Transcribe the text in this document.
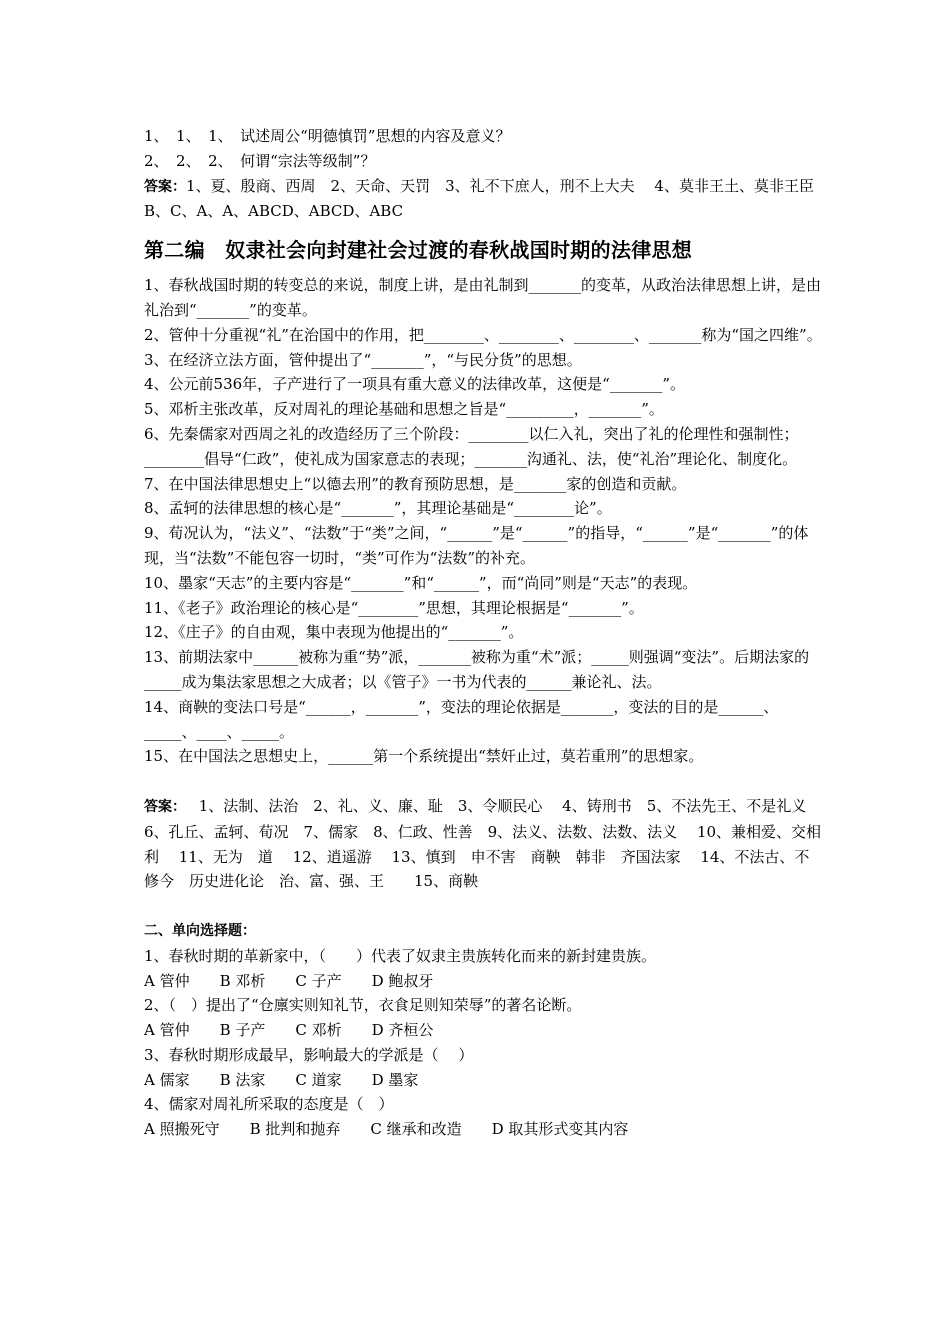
1、　1、　1、　试述周公“明德慎罚”思想的内容及意义？

2、　2、　2、　何谓“宗法等级制”？

答案：1、夏、殷商、西周　2、天命、天罚　3、礼不下庶人，刑不上大夫　 4、莫非王土、莫非王臣　 B、C、A、A、ABCD、ABCD、ABC

第二编　奴隶社会向封建社会过渡的春秋战国时期的法律思想

1、春秋战国时期的转变总的来说，制度上讲，是由礼制到_______的变革，从政治法律思想上讲，是由礼治到“_______”的变革。

2、管仲十分重视“礼”在治国中的作用，把________、________、________、_______称为“国之四维”。

3、在经济立法方面，管仲提出了“_______”，“与民分货”的思想。

4、公元前536年，子产进行了一项具有重大意义的法律改革，这便是“_______”。

5、邓析主张改革，反对周礼的理论基础和思想之旨是“_________，_______”。

6、先秦儒家对西周之礼的改造经历了三个阶段：________以仁入礼，突出了礼的伦理性和强制性；________倡导“仁政”，使礼成为国家意志的表现；_______沟通礼、法，使“礼治”理论化、制度化。

7、在中国法律思想史上“以德去刑”的教育预防思想，是_______家的创造和贡献。

8、孟轲的法律思想的核心是“_______”，其理论基础是“________论”。

9、荀况认为，“法义”、“法数”于“类”之间，“______”是“______”的指导，“______”是“_______”的体现，当“法数”不能包容一切时，“类”可作为“法数”的补充。

10、墨家“天志”的主要内容是“_______”和“______”，而“尚同”则是“天志”的表现。

11、《老子》政治理论的核心是“________”思想，其理论根据是“_______”。

12、《庄子》的自由观，集中表现为他提出的“_______”。

13、前期法家中______被称为重“势”派，_______被称为重“术”派；_____则强调“变法”。后期法家的_____成为集法家思想之大成者；以《管子》一书为代表的______兼论礼、法。

14、商鞅的变法口号是“______，_______”，变法的理论依据是_______，变法的目的是______、_____、____、_____。

15、在中国法之思想史上，______第一个系统提出“禁奸止过，莫若重刑”的思想家。

答案：　 1、法制、法治　2、礼、义、廉、耻　3、令顺民心　 4、铸刑书　5、不法先王、不是礼义　6、孔丘、孟轲、荀况　7、儒家　8、仁政、性善　9、法义、法数、法数、法义　 10、兼相爱、交相利　 11、无为　道　 12、逍遥游　 13、慎到　申不害　商鞅　韩非　齐国法家　 14、不法古、不修今　历史进化论　治、富、强、王　　15、商鞅

二、单向选择题：

1、春秋时期的革新家中，（　　）代表了奴隶主贵族转化而来的新封建贵族。

A 管仲　　B 邓析　　C 子产　　D 鲍叔牙

2、（　）提出了“仓廪实则知礼节，衣食足则知荣辱”的著名论断。

A 管仲　　B 子产　　C 邓析　　D 齐桓公

3、春秋时期形成最早，影响最大的学派是（　 ）

A 儒家　　B 法家　　C 道家　　D 墨家

4、儒家对周礼所采取的态度是（　）

A 照搬死守　　B 批判和抛弃　　C 继承和改造　　D 取其形式变其内容
